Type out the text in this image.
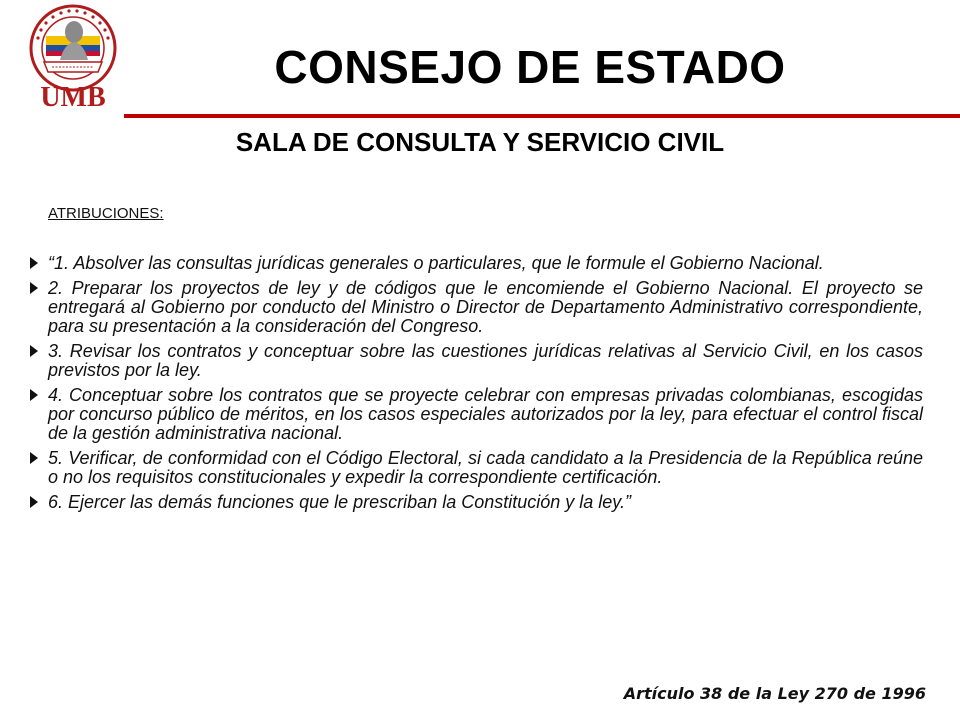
UMB
CONSEJO DE ESTADO
SALA DE CONSULTA Y SERVICIO CIVIL
ATRIBUCIONES:
“1. Absolver las consultas jurídicas generales o particulares, que le formule el Gobierno Nacional.
2. Preparar los proyectos de ley y de códigos que le encomiende el Gobierno Nacional. El proyecto se entregará al Gobierno por conducto del Ministro o Director de Departamento Administrativo correspondiente, para su presentación a la consideración del Congreso.
3. Revisar los contratos y conceptuar sobre las cuestiones jurídicas relativas al Servicio Civil, en los casos previstos por la ley.
4. Conceptuar sobre los contratos que se proyecte celebrar con empresas privadas colombianas, escogidas por concurso público de méritos, en los casos especiales autorizados por la ley, para efectuar el control fiscal de la gestión administrativa nacional.
5. Verificar, de conformidad con el Código Electoral, si cada candidato a la Presidencia de la República reúne o no los requisitos constitucionales y expedir la correspondiente certificación.
6. Ejercer las demás funciones que le prescriban la Constitución y la ley.”
Artículo 38 de la Ley 270 de 1996
